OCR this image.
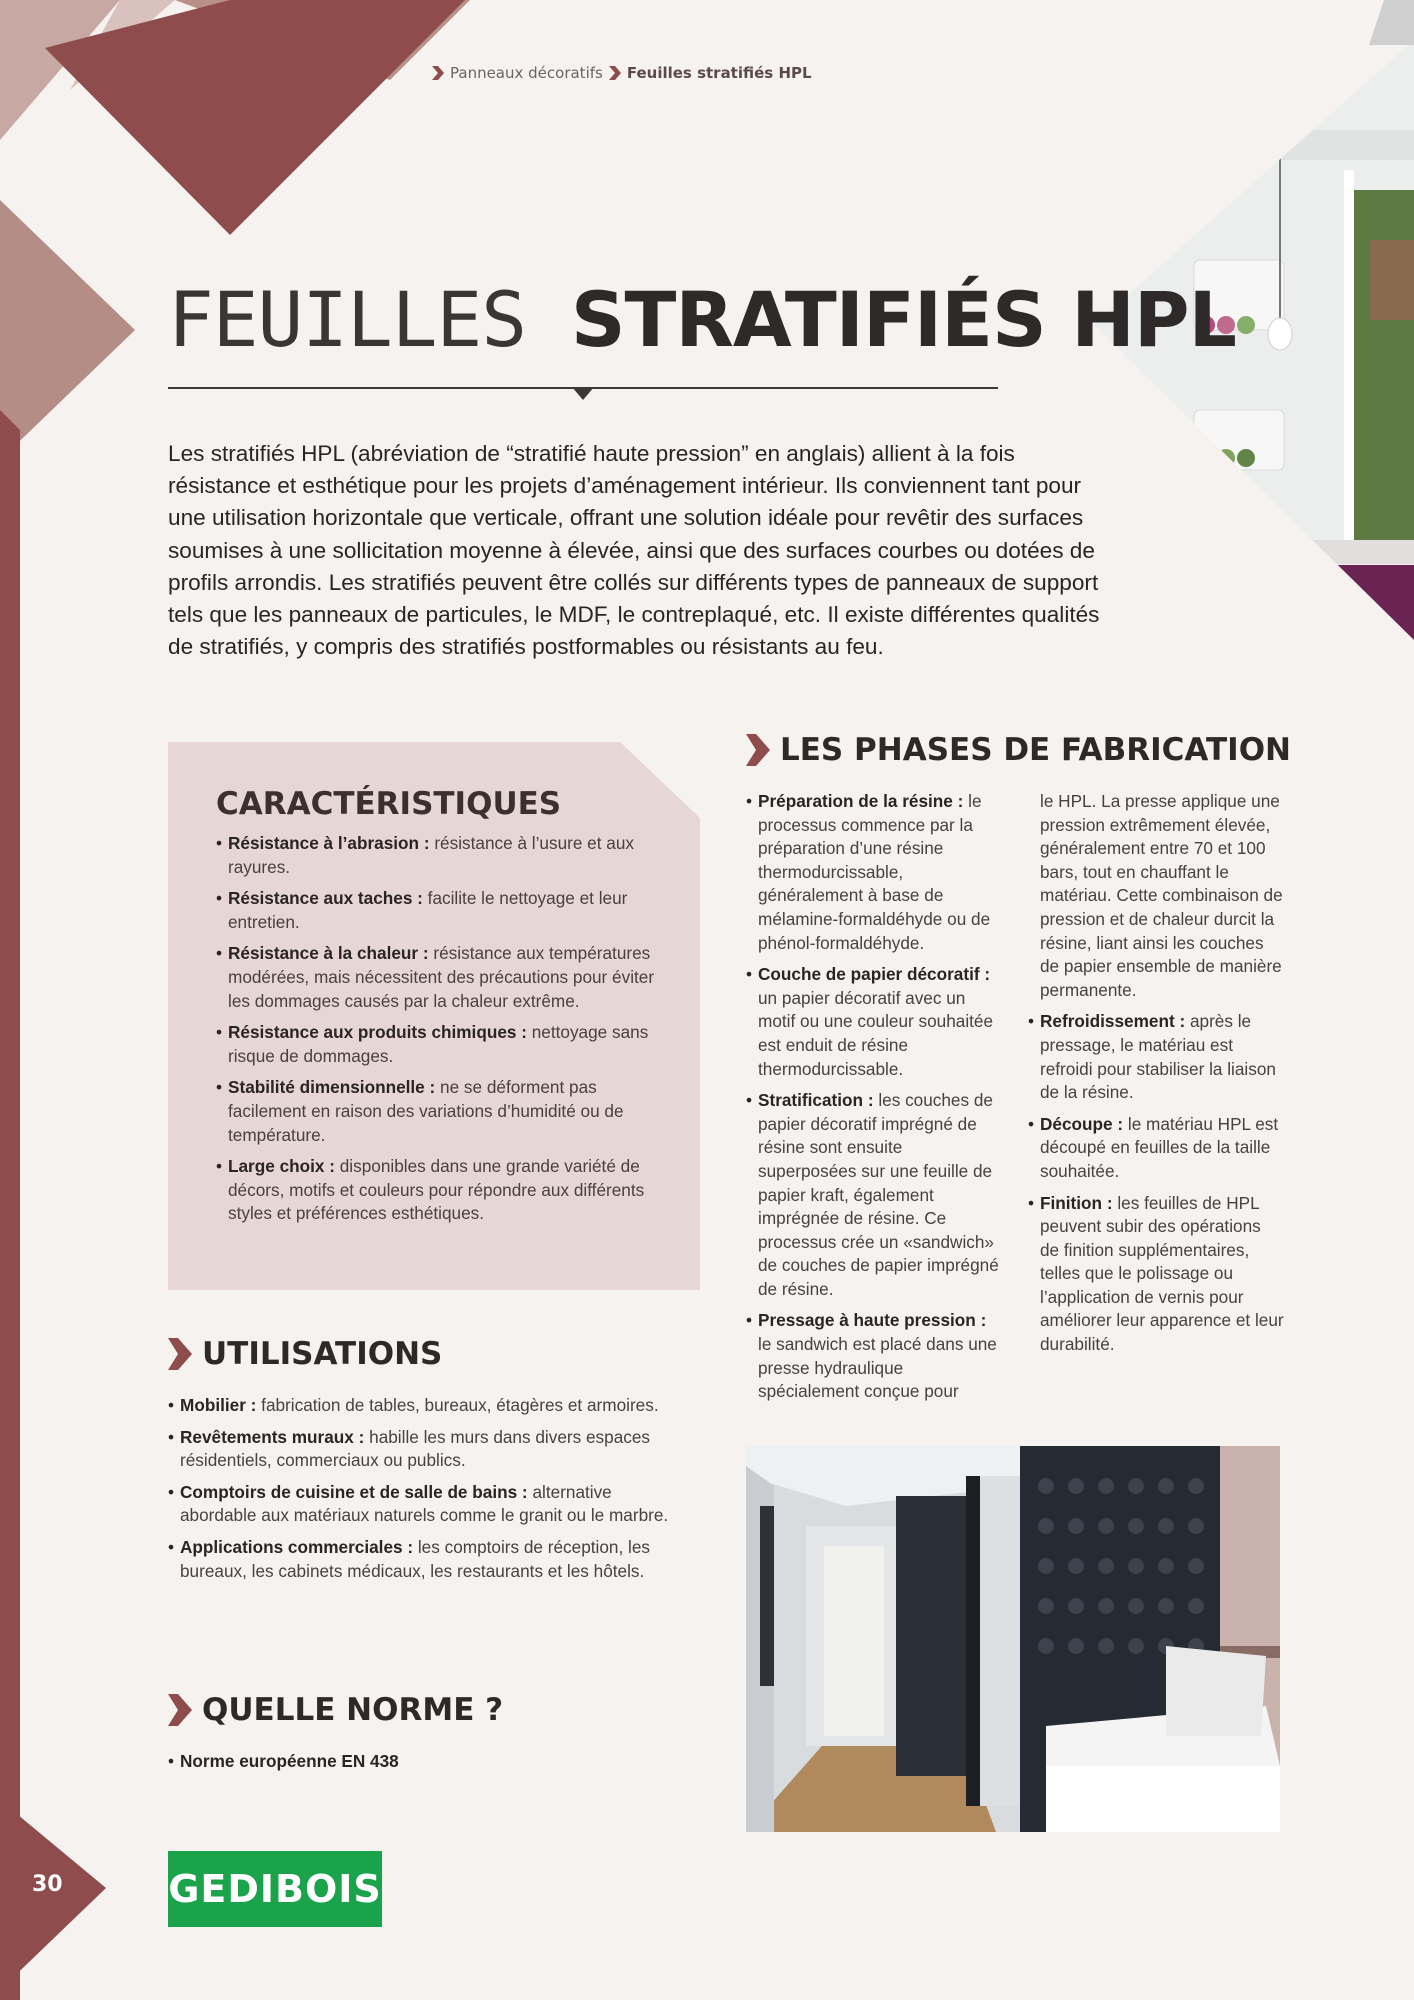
Panneaux décoratifs Feuilles stratifiés HPL
FEUILLES STRATIFIÉS HPL
Les stratifiés HPL (abréviation de “stratifié haute pression” en anglais) allient à la fois résistance et esthétique pour les projets d’aménagement intérieur. Ils conviennent tant pour une utilisation horizontale que verticale, offrant une solution idéale pour revêtir des surfaces soumises à une sollicitation moyenne à élevée, ainsi que des surfaces courbes ou dotées de profils arrondis. Les stratifiés peuvent être collés sur différents types de panneaux de support tels que les panneaux de particules, le MDF, le contreplaqué, etc. Il existe différentes qualités de stratifiés, y compris des stratifiés postformables ou résistants au feu.
CARACTÉRISTIQUES
• Résistance à l’abrasion : résistance à l’usure et aux rayures.
• Résistance aux taches : facilite le nettoyage et leur entretien.
• Résistance à la chaleur : résistance aux températures modérées, mais nécessitent des précautions pour éviter les dommages causés par la chaleur extrême.
• Résistance aux produits chimiques : nettoyage sans risque de dommages.
• Stabilité dimensionnelle : ne se déforment pas facilement en raison des variations d’humidité ou de température.
• Large choix : disponibles dans une grande variété de décors, motifs et couleurs pour répondre aux différents styles et préférences esthétiques.
UTILISATIONS
• Mobilier : fabrication de tables, bureaux, étagères et armoires.
• Revêtements muraux : habille les murs dans divers espaces résidentiels, commerciaux ou publics.
• Comptoirs de cuisine et de salle de bains : alternative abordable aux matériaux naturels comme le granit ou le marbre.
• Applications commerciales : les comptoirs de réception, les bureaux, les cabinets médicaux, les restaurants et les hôtels.
QUELLE NORME ?
• Norme européenne EN 438
LES PHASES DE FABRICATION
• Préparation de la résine : le processus commence par la préparation d’une résine thermodurcissable, généralement à base de mélamine-formaldéhyde ou de phénol-formaldéhyde.
• Couche de papier décoratif : un papier décoratif avec un motif ou une couleur souhaitée est enduit de résine thermodurcissable.
• Stratification : les couches de papier décoratif imprégné de résine sont ensuite superposées sur une feuille de papier kraft, également imprégnée de résine. Ce processus crée un «sandwich» de couches de papier imprégné de résine.
• Pressage à haute pression : le sandwich est placé dans une presse hydraulique spécialement conçue pour
le HPL. La presse applique une pression extrêmement élevée, généralement entre 70 et 100 bars, tout en chauffant le matériau. Cette combinaison de pression et de chaleur durcit la résine, liant ainsi les couches de papier ensemble de manière permanente.
• Refroidissement : après le pressage, le matériau est refroidi pour stabiliser la liaison de la résine.
• Découpe : le matériau HPL est découpé en feuilles de la taille souhaitée.
• Finition : les feuilles de HPL peuvent subir des opérations de finition supplémentaires, telles que le polissage ou l’application de vernis pour améliorer leur apparence et leur durabilité.
30	GEDIBOIS
